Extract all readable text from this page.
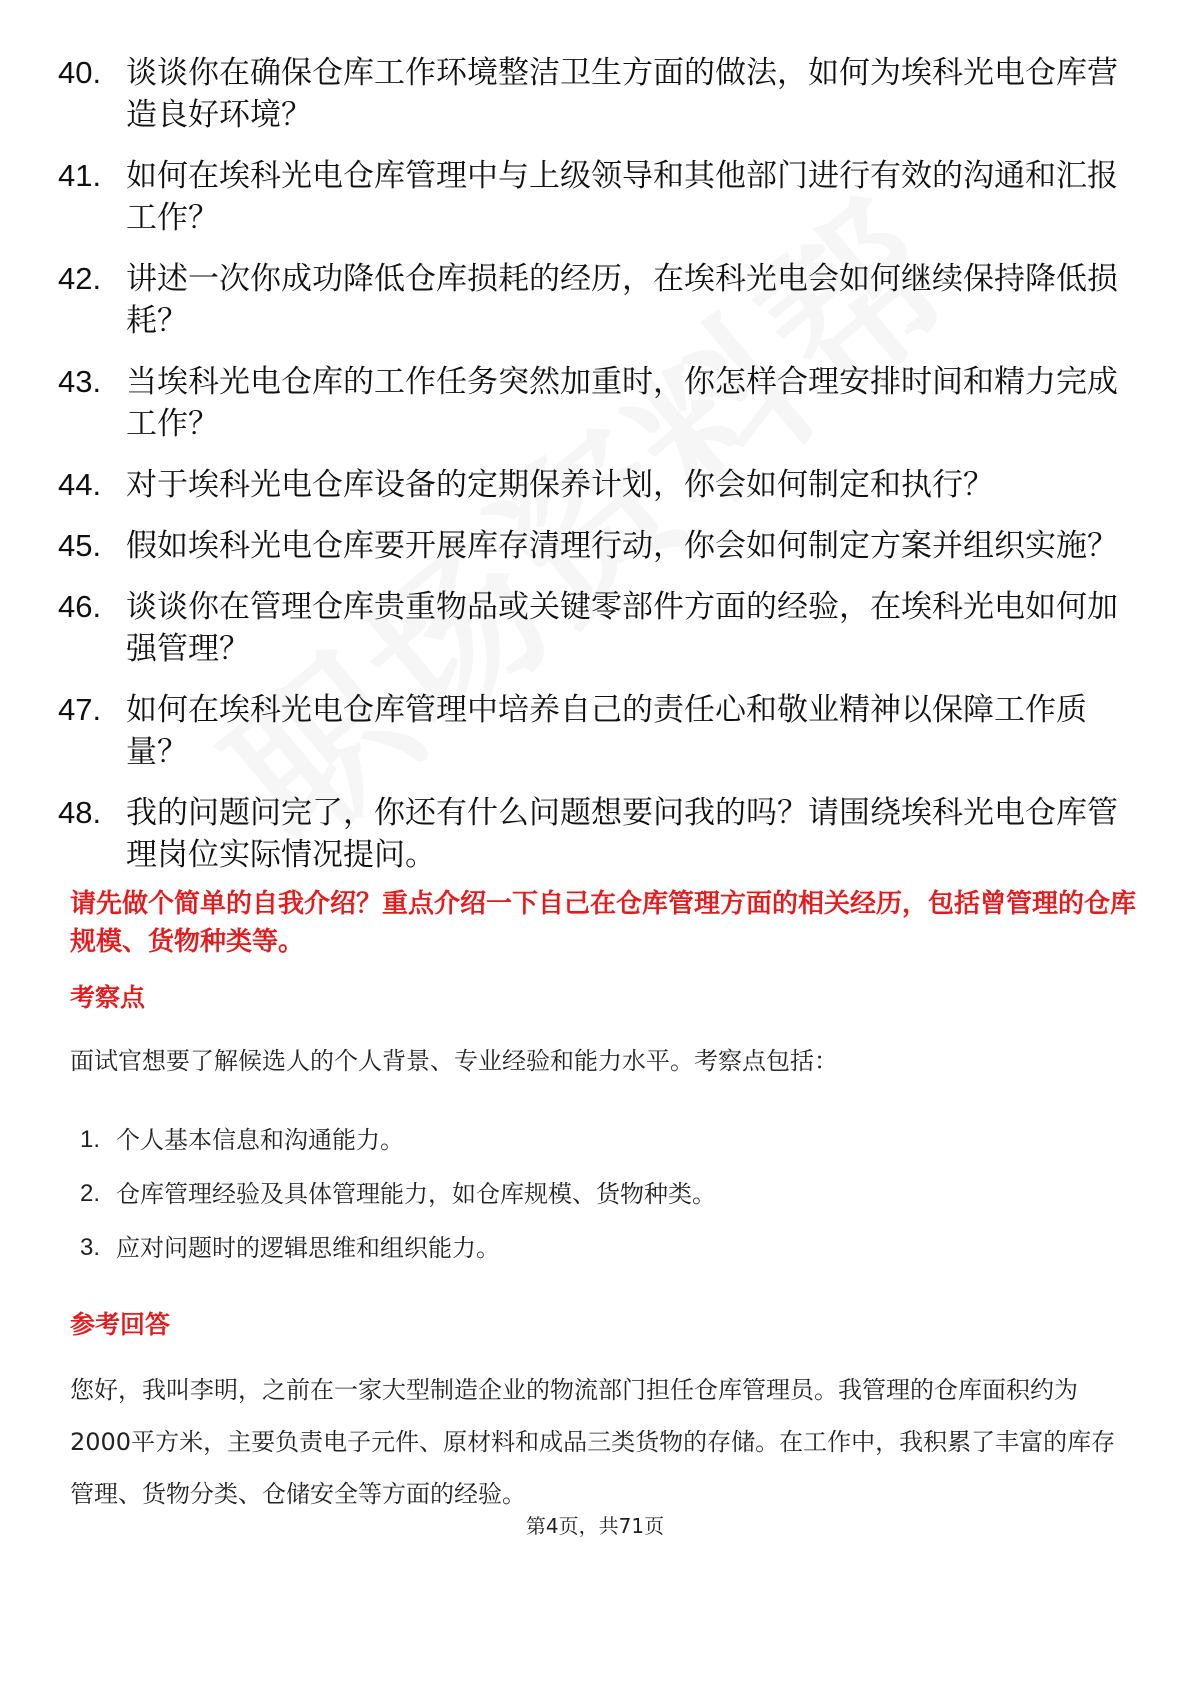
40. 谈谈你在确保仓库工作环境整洁卫生方面的做法，如何为埃科光电仓库营造良好环境？
41. 如何在埃科光电仓库管理中与上级领导和其他部门进行有效的沟通和汇报工作？
42. 讲述一次你成功降低仓库损耗的经历，在埃科光电会如何继续保持降低损耗？
43. 当埃科光电仓库的工作任务突然加重时，你怎样合理安排时间和精力完成工作？
44. 对于埃科光电仓库设备的定期保养计划，你会如何制定和执行？
45. 假如埃科光电仓库要开展库存清理行动，你会如何制定方案并组织实施？
46. 谈谈你在管理仓库贵重物品或关键零部件方面的经验，在埃科光电如何加强管理？
47. 如何在埃科光电仓库管理中培养自己的责任心和敬业精神以保障工作质量？
48. 我的问题问完了，你还有什么问题想要问我的吗？请围绕埃科光电仓库管理岗位实际情况提问。
请先做个简单的自我介绍？重点介绍一下自己在仓库管理方面的相关经历，包括曾管理的仓库规模、货物种类等。
考察点
面试官想要了解候选人的个人背景、专业经验和能力水平。考察点包括：
1. 个人基本信息和沟通能力。
2. 仓库管理经验及具体管理能力，如仓库规模、货物种类。
3. 应对问题时的逻辑思维和组织能力。
参考回答
您好，我叫李明，之前在一家大型制造企业的物流部门担任仓库管理员。我管理的仓库面积约为2000平方米，主要负责电子元件、原材料和成品三类货物的存储。在工作中，我积累了丰富的库存管理、货物分类、仓储安全等方面的经验。
第4页，共71页
